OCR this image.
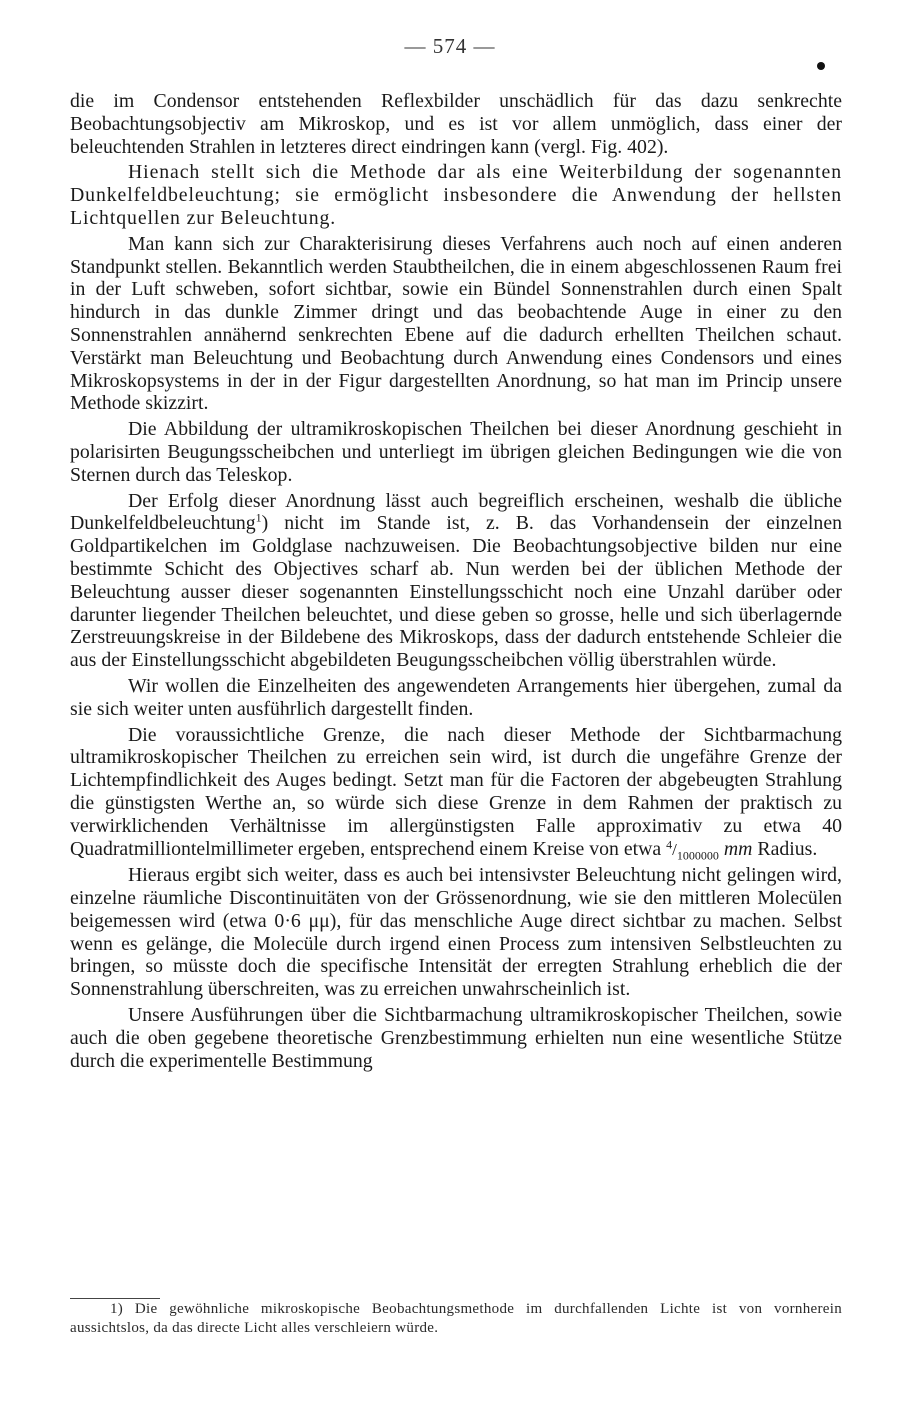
— 574 —

die im Condensor entstehenden Reflexbilder unschädlich für das dazu senkrechte Beobachtungsobjectiv am Mikroskop, und es ist vor allem unmöglich, dass einer der beleuchtenden Strahlen in letzteres direct eindringen kann (vergl. Fig. 402).

Hienach stellt sich die Methode dar als eine Weiterbildung der sogenannten Dunkelfeldbeleuchtung; sie ermöglicht insbesondere die Anwendung der hellsten Lichtquellen zur Beleuchtung.

Man kann sich zur Charakterisirung dieses Verfahrens auch noch auf einen anderen Standpunkt stellen. Bekanntlich werden Staubtheilchen, die in einem abgeschlossenen Raum frei in der Luft schweben, sofort sichtbar, sowie ein Bündel Sonnenstrahlen durch einen Spalt hindurch in das dunkle Zimmer dringt und das beobachtende Auge in einer zu den Sonnenstrahlen annähernd senkrechten Ebene auf die dadurch erhellten Theilchen schaut. Verstärkt man Beleuchtung und Beobachtung durch Anwendung eines Condensors und eines Mikroskopsystems in der in der Figur dargestellten Anordnung, so hat man im Princip unsere Methode skizzirt.

Die Abbildung der ultramikroskopischen Theilchen bei dieser Anordnung geschieht in polarisirten Beugungsscheibchen und unterliegt im übrigen gleichen Bedingungen wie die von Sternen durch das Teleskop.

Der Erfolg dieser Anordnung lässt auch begreiflich erscheinen, weshalb die übliche Dunkelfeldbeleuchtung$^1$) nicht im Stande ist, z. B. das Vorhandensein der einzelnen Goldpartikelchen im Goldglase nachzuweisen. Die Beobachtungsobjective bilden nur eine bestimmte Schicht des Objectives scharf ab. Nun werden bei der üblichen Methode der Beleuchtung ausser dieser sogenannten Einstellungsschicht noch eine Unzahl darüber oder darunter liegender Theilchen beleuchtet, und diese geben so grosse, helle und sich überlagernde Zerstreuungskreise in der Bildebene des Mikroskops, dass der dadurch entstehende Schleier die aus der Einstellungsschicht abgebildeten Beugungsscheibchen völlig überstrahlen würde.

Wir wollen die Einzelheiten des angewendeten Arrangements hier übergehen, zumal da sie sich weiter unten ausführlich dargestellt finden.

Die voraussichtliche Grenze, die nach dieser Methode der Sichtbarmachung ultramikroskopischer Theilchen zu erreichen sein wird, ist durch die ungefähre Grenze der Lichtempfindlichkeit des Auges bedingt. Setzt man für die Factoren der abgebeugten Strahlung die günstigsten Werthe an, so würde sich diese Grenze in dem Rahmen der praktisch zu verwirklichenden Verhältnisse im allergünstigsten Falle approximativ zu etwa 40 Quadratmilliontelmillimeter ergeben, entsprechend einem Kreise von etwa $^4/_{1000000}$ mm Radius.

Hieraus ergibt sich weiter, dass es auch bei intensivster Beleuchtung nicht gelingen wird, einzelne räumliche Discontinuitäten von der Grössenordnung, wie sie den mittleren Molecülen beigemessen wird (etwa 0·6 μμ), für das menschliche Auge direct sichtbar zu machen. Selbst wenn es gelänge, die Molecüle durch irgend einen Process zum intensiven Selbstleuchten zu bringen, so müsste doch die specifische Intensität der erregten Strahlung erheblich die der Sonnenstrahlung überschreiten, was zu erreichen unwahrscheinlich ist.

Unsere Ausführungen über die Sichtbarmachung ultramikroskopischer Theilchen, sowie auch die oben gegebene theoretische Grenzbestimmung erhielten nun eine wesentliche Stütze durch die experimentelle Bestimmung

1) Die gewöhnliche mikroskopische Beobachtungsmethode im durchfallenden Lichte ist von vornherein aussichtslos, da das directe Licht alles verschleiern würde.
